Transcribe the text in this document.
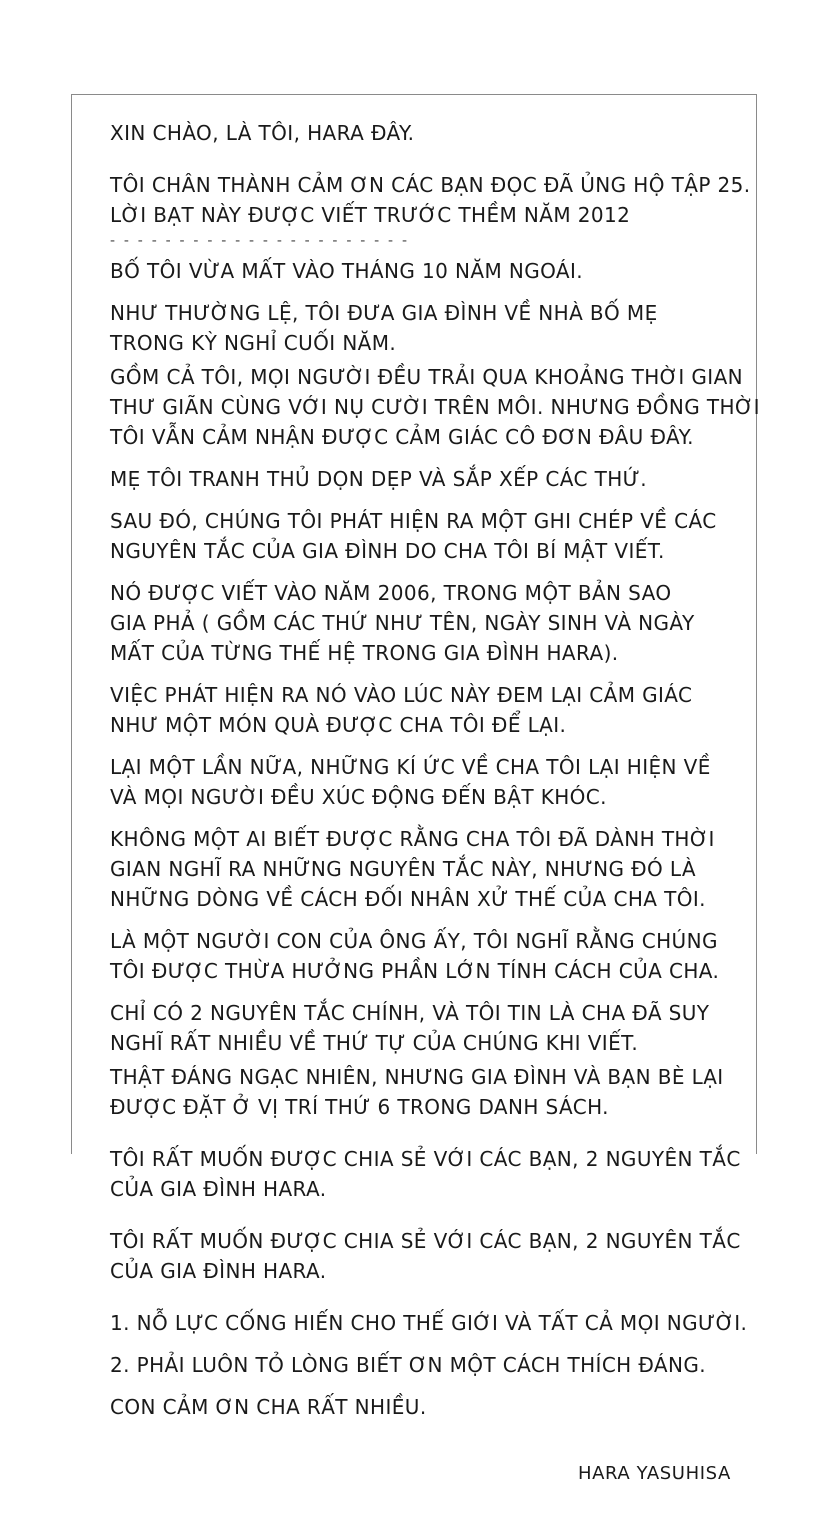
XIN CHÀO, LÀ TÔI, HARA ĐÂY.
TÔI CHÂN THÀNH CẢM ƠN CÁC BẠN ĐỌC ĐÃ ỦNG HỘ TẬP 25.
LỜI BẠT NÀY ĐƯỢC VIẾT TRƯỚC THỀM NĂM 2012
- - - - - - - - - - - - - - - - - - - - - -
BỐ TÔI VỪA MẤT VÀO THÁNG 10 NĂM NGOÁI.
NHƯ THƯỜNG LỆ, TÔI ĐƯA GIA ĐÌNH VỀ NHÀ BỐ MẸ
TRONG KỲ NGHỈ CUỐI NĂM.
GỒM CẢ TÔI, MỌI NGƯỜI ĐỀU TRẢI QUA KHOẢNG THỜI GIAN
THƯ GIÃN CÙNG VỚI NỤ CƯỜI TRÊN MÔI. NHƯNG ĐỒNG THỜI
TÔI VẪN CẢM NHẬN ĐƯỢC CẢM GIÁC CÔ ĐƠN ĐÂU ĐÂY.
MẸ TÔI TRANH THỦ DỌN DẸP VÀ SẮP XẾP CÁC THỨ.
SAU ĐÓ, CHÚNG TÔI PHÁT HIỆN RA MỘT GHI CHÉP VỀ CÁC
NGUYÊN TẮC CỦA GIA ĐÌNH DO CHA TÔI BÍ MẬT VIẾT.
NÓ ĐƯỢC VIẾT VÀO NĂM 2006, TRONG MỘT BẢN SAO
GIA PHẢ ( GỒM CÁC THỨ NHƯ TÊN, NGÀY SINH VÀ NGÀY
MẤT CỦA TỪNG THẾ HỆ TRONG GIA ĐÌNH HARA).
VIỆC PHÁT HIỆN RA NÓ VÀO LÚC NÀY ĐEM LẠI CẢM GIÁC
NHƯ MỘT MÓN QUÀ ĐƯỢC CHA TÔI ĐỂ LẠI.
LẠI MỘT LẦN NỮA, NHỮNG KÍ ỨC VỀ CHA TÔI LẠI HIỆN VỀ
VÀ MỌI NGƯỜI ĐỀU XÚC ĐỘNG ĐẾN BẬT KHÓC.
KHÔNG MỘT AI BIẾT ĐƯỢC RẰNG CHA TÔI ĐÃ DÀNH THỜI
GIAN NGHĨ RA NHỮNG NGUYÊN TẮC NÀY, NHƯNG ĐÓ LÀ
NHỮNG DÒNG VỀ CÁCH ĐỐI NHÂN XỬ THẾ CỦA CHA TÔI.
LÀ MỘT NGƯỜI CON CỦA ÔNG ẤY, TÔI NGHĨ RẰNG CHÚNG
TÔI ĐƯỢC THỪA HƯỞNG PHẦN LỚN TÍNH CÁCH CỦA CHA.
CHỈ CÓ 2 NGUYÊN TẮC CHÍNH, VÀ TÔI TIN LÀ CHA ĐÃ SUY
NGHĨ RẤT NHIỀU VỀ THỨ TỰ CỦA CHÚNG KHI VIẾT.
THẬT ĐÁNG NGẠC NHIÊN, NHƯNG GIA ĐÌNH VÀ BẠN BÈ LẠI
ĐƯỢC ĐẶT Ở VỊ TRÍ THỨ 6 TRONG DANH SÁCH.
TÔI RẤT MUỐN ĐƯỢC CHIA SẺ VỚI CÁC BẠN, 2 NGUYÊN TẮC
CỦA GIA ĐÌNH HARA.
TÔI RẤT MUỐN ĐƯỢC CHIA SẺ VỚI CÁC BẠN, 2 NGUYÊN TẮC
CỦA GIA ĐÌNH HARA.
1. NỖ LỰC CỐNG HIẾN CHO THẾ GIỚI VÀ TẤT CẢ MỌI NGƯỜI.
2. PHẢI LUÔN TỎ LÒNG BIẾT ƠN MỘT CÁCH THÍCH ĐÁNG.
CON CẢM ƠN CHA RẤT NHIỀU.
HARA YASUHISA
